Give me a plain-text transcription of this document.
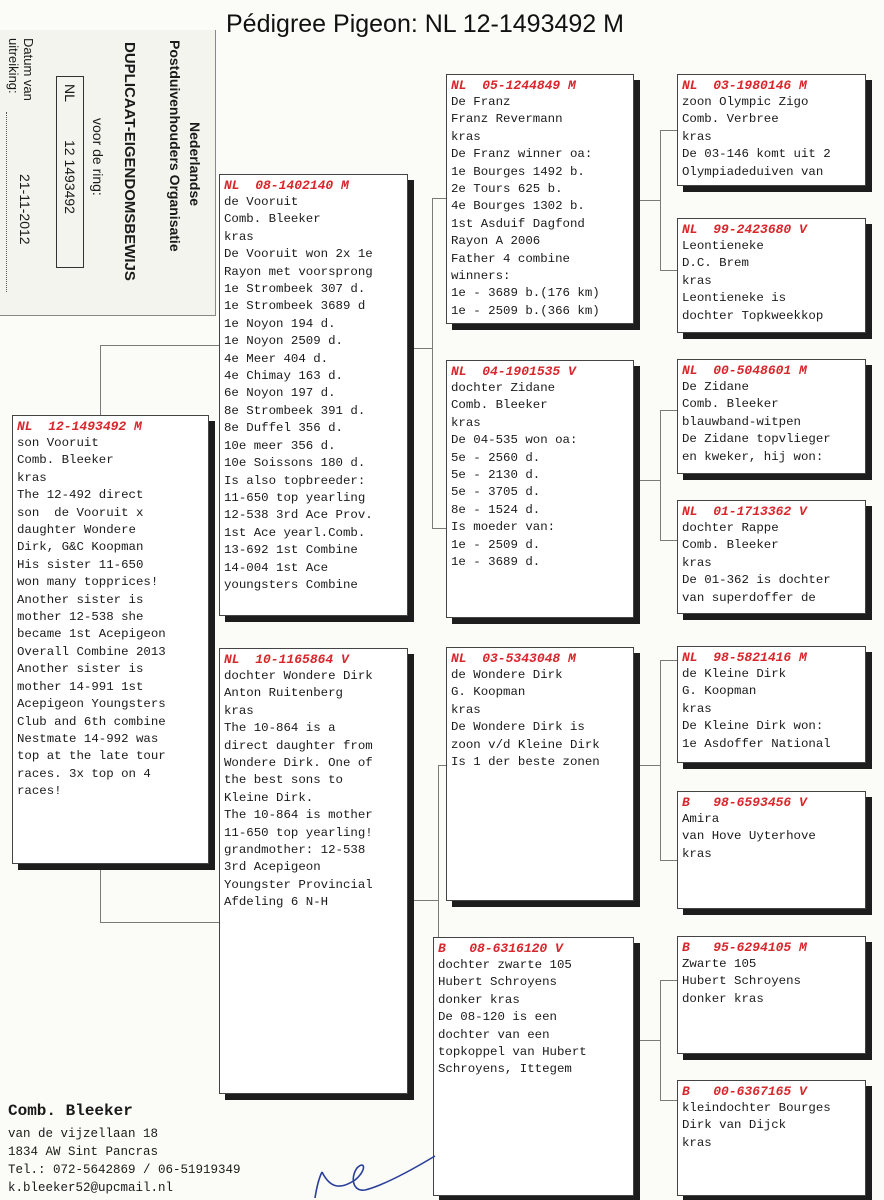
Pédigree Pigeon: NL 12-1493492 M
Nederlandse
Postduivenhouders Organisatie
DUPLICAAT-EIGENDOMSBEWIJS
voor de ring:
NL
12 1493492
Datum van uitreiking:
21-11-2012
NL  12-1493492 M
son Vooruit
Comb. Bleeker
kras
The 12-492 direct
son  de Vooruit x
daughter Wondere
Dirk, G&C Koopman
His sister 11-650
won many topprices!
Another sister is
mother 12-538 she
became 1st Acepigeon
Overall Combine 2013
Another sister is
mother 14-991 1st
Acepigeon Youngsters
Club and 6th combine
Nestmate 14-992 was
top at the late tour
races. 3x top on 4
races!
NL  08-1402140 M
de Vooruit
Comb. Bleeker
kras
De Vooruit won 2x 1e
Rayon met voorsprong
1e Strombeek 307 d.
1e Strombeek 3689 d
1e Noyon 194 d.
1e Noyon 2509 d.
4e Meer 404 d.
4e Chimay 163 d.
6e Noyon 197 d.
8e Strombeek 391 d.
8e Duffel 356 d.
10e meer 356 d.
10e Soissons 180 d.
Is also topbreeder:
11-650 top yearling
12-538 3rd Ace Prov.
1st Ace yearl.Comb.
13-692 1st Combine
14-004 1st Ace
youngsters Combine
NL  10-1165864 V
dochter Wondere Dirk
Anton Ruitenberg
kras
The 10-864 is a
direct daughter from
Wondere Dirk. One of
the best sons to
Kleine Dirk.
The 10-864 is mother
11-650 top yearling!
grandmother: 12-538
3rd Acepigeon
Youngster Provincial
Afdeling 6 N-H
NL  05-1244849 M
De Franz
Franz Revermann
kras
De Franz winner oa:
1e Bourges 1492 b.
2e Tours 625 b.
4e Bourges 1302 b.
1st Asduif Dagfond
Rayon A 2006
Father 4 combine
winners:
1e - 3689 b.(176 km)
1e - 2509 b.(366 km)
NL  04-1901535 V
dochter Zidane
Comb. Bleeker
kras
De 04-535 won oa:
5e - 2560 d.
5e - 2130 d.
5e - 3705 d.
8e - 1524 d.
Is moeder van:
1e - 2509 d.
1e - 3689 d.
NL  03-5343048 M
de Wondere Dirk
G. Koopman
kras
De Wondere Dirk is
zoon v/d Kleine Dirk
Is 1 der beste zonen
B   08-6316120 V
dochter zwarte 105
Hubert Schroyens
donker kras
De 08-120 is een
dochter van een
topkoppel van Hubert
Schroyens, Ittegem
NL  03-1980146 M
zoon Olympic Zigo
Comb. Verbree
kras
De 03-146 komt uit 2
Olympiadeduiven van
NL  99-2423680 V
Leontieneke
D.C. Brem
kras
Leontieneke is
dochter Topkweekkop
NL  00-5048601 M
De Zidane
Comb. Bleeker
blauwband-witpen
De Zidane topvlieger
en kweker, hij won:
NL  01-1713362 V
dochter Rappe
Comb. Bleeker
kras
De 01-362 is dochter
van superdoffer de
NL  98-5821416 M
de Kleine Dirk
G. Koopman
kras
De Kleine Dirk won:
1e Asdoffer National
B   98-6593456 V
Amira
van Hove Uyterhove
kras
B   95-6294105 M
Zwarte 105
Hubert Schroyens
donker kras
B   00-6367165 V
kleindochter Bourges
Dirk van Dijck
kras
Comb. Bleeker
van de vijzellaan 18
1834 AW Sint Pancras
Tel.: 072-5642869 / 06-51919349
k.bleeker52@upcmail.nl
